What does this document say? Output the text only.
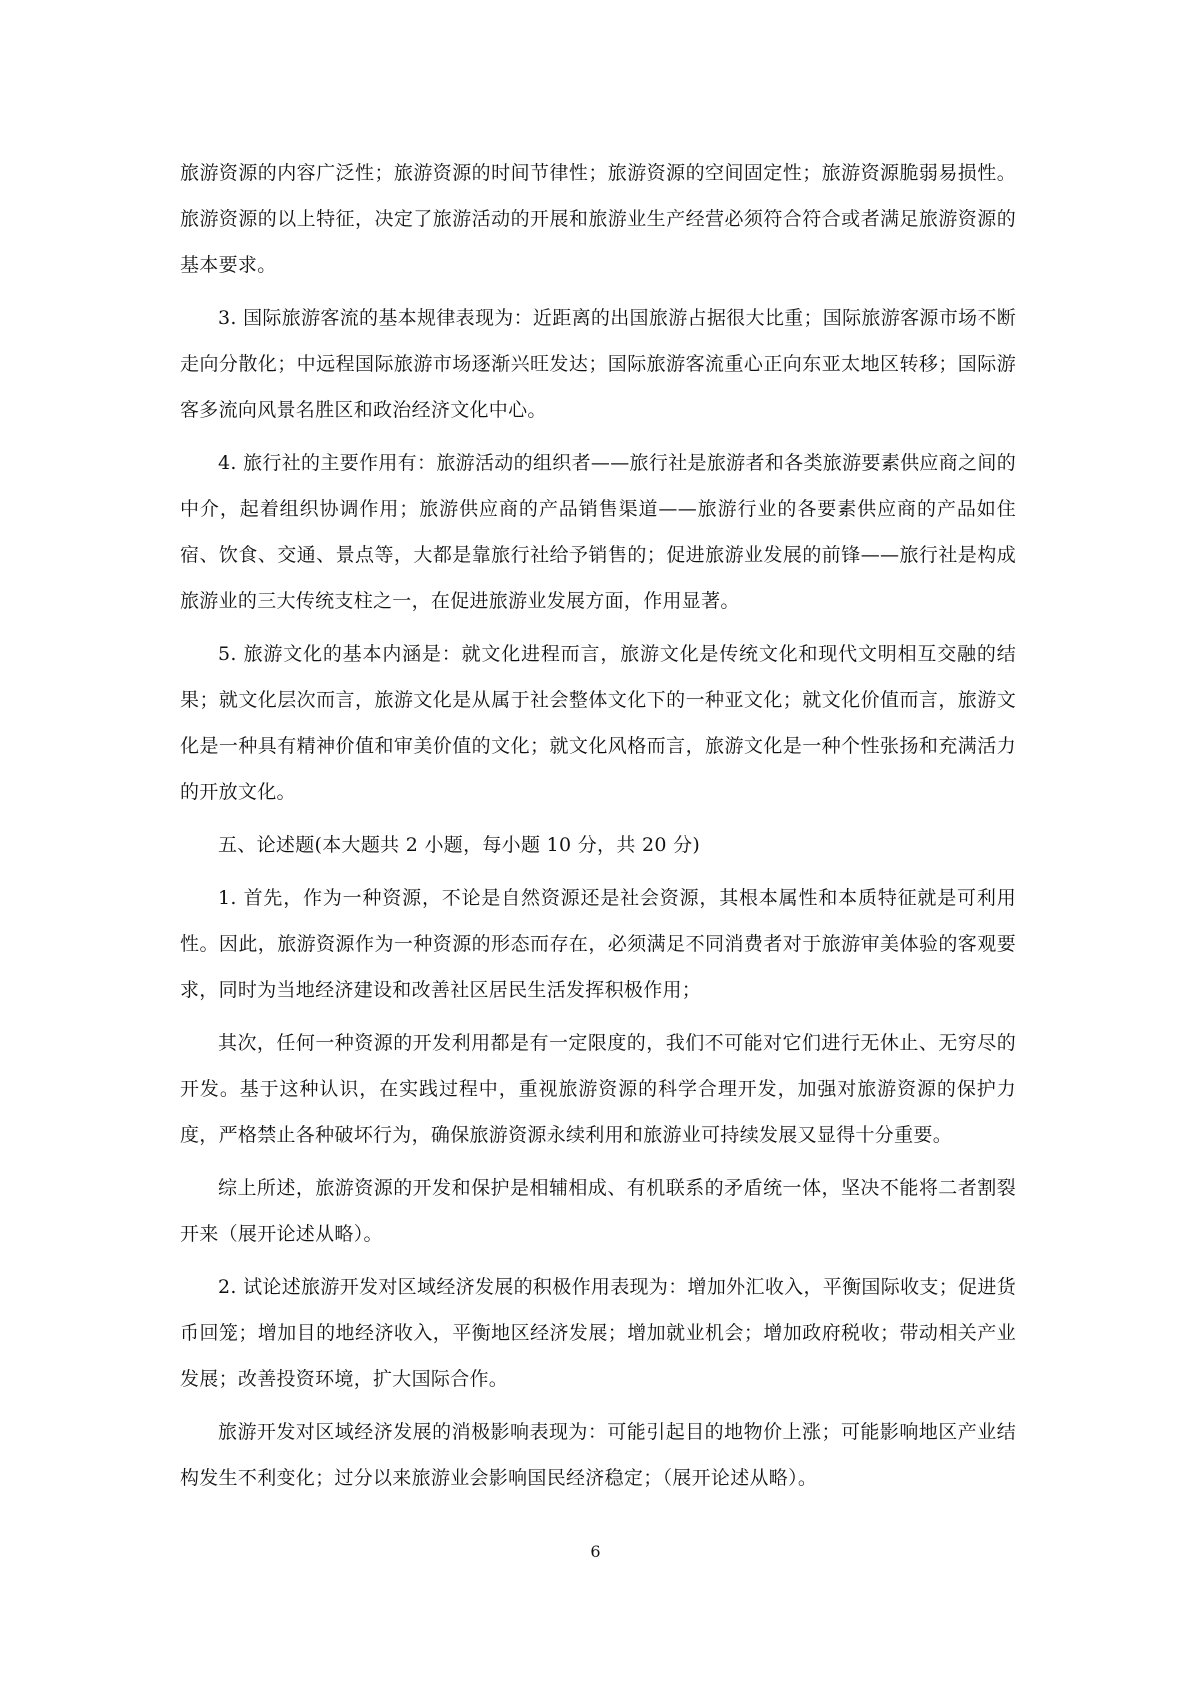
旅游资源的内容广泛性；旅游资源的时间节律性；旅游资源的空间固定性；旅游资源脆弱易损性。旅游资源的以上特征，决定了旅游活动的开展和旅游业生产经营必须符合符合或者满足旅游资源的基本要求。

3. 国际旅游客流的基本规律表现为：近距离的出国旅游占据很大比重；国际旅游客源市场不断走向分散化；中远程国际旅游市场逐渐兴旺发达；国际旅游客流重心正向东亚太地区转移；国际游客多流向风景名胜区和政治经济文化中心。

4. 旅行社的主要作用有：旅游活动的组织者——旅行社是旅游者和各类旅游要素供应商之间的中介，起着组织协调作用；旅游供应商的产品销售渠道——旅游行业的各要素供应商的产品如住宿、饮食、交通、景点等，大都是靠旅行社给予销售的；促进旅游业发展的前锋——旅行社是构成旅游业的三大传统支柱之一，在促进旅游业发展方面，作用显著。

5. 旅游文化的基本内涵是：就文化进程而言，旅游文化是传统文化和现代文明相互交融的结果；就文化层次而言，旅游文化是从属于社会整体文化下的一种亚文化；就文化价值而言，旅游文化是一种具有精神价值和审美价值的文化；就文化风格而言，旅游文化是一种个性张扬和充满活力的开放文化。

五、论述题(本大题共 2 小题，每小题 10 分，共 20 分)

1. 首先，作为一种资源，不论是自然资源还是社会资源，其根本属性和本质特征就是可利用性。因此，旅游资源作为一种资源的形态而存在，必须满足不同消费者对于旅游审美体验的客观要求，同时为当地经济建设和改善社区居民生活发挥积极作用；

其次，任何一种资源的开发利用都是有一定限度的，我们不可能对它们进行无休止、无穷尽的开发。基于这种认识，在实践过程中，重视旅游资源的科学合理开发，加强对旅游资源的保护力度，严格禁止各种破坏行为，确保旅游资源永续利用和旅游业可持续发展又显得十分重要。

综上所述，旅游资源的开发和保护是相辅相成、有机联系的矛盾统一体，坚决不能将二者割裂开来（展开论述从略）。

2. 试论述旅游开发对区域经济发展的积极作用表现为：增加外汇收入，平衡国际收支；促进货币回笼；增加目的地经济收入，平衡地区经济发展；增加就业机会；增加政府税收；带动相关产业发展；改善投资环境，扩大国际合作。

旅游开发对区域经济发展的消极影响表现为：可能引起目的地物价上涨；可能影响地区产业结构发生不利变化；过分以来旅游业会影响国民经济稳定；（展开论述从略）。

6
